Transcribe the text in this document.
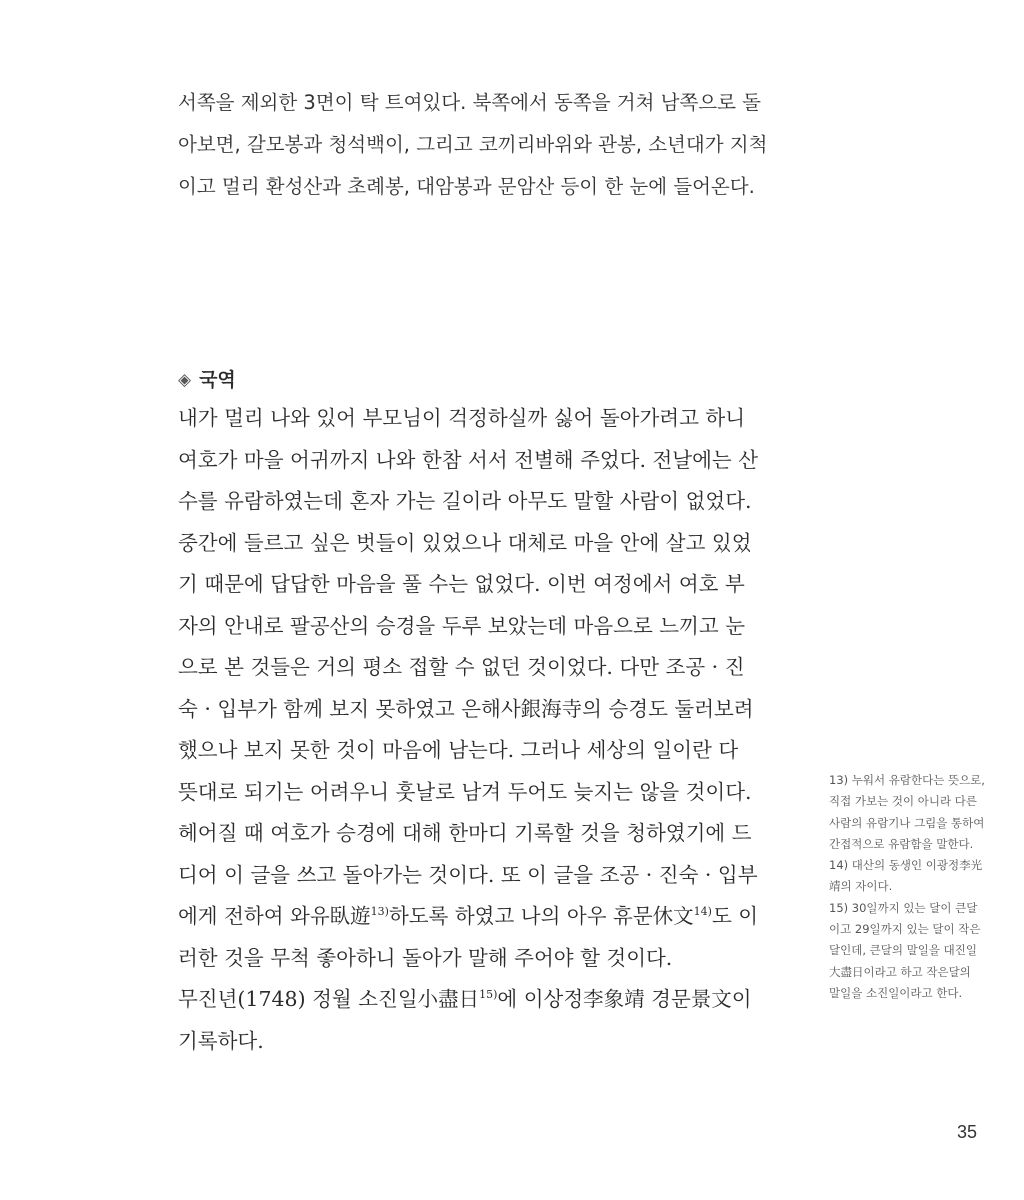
서쪽을 제외한 3면이 탁 트여있다. 북쪽에서 동쪽을 거쳐 남쪽으로 돌아보면, 갈모봉과 청석백이, 그리고 코끼리바위와 관봉, 소년대가 지척이고 멀리 환성산과 초례봉, 대암봉과 문암산 등이 한 눈에 들어온다.

◈ 국역

내가 멀리 나와 있어 부모님이 걱정하실까 싫어 돌아가려고 하니 여호가 마을 어귀까지 나와 한참 서서 전별해 주었다. 전날에는 산수를 유람하였는데 혼자 가는 길이라 아무도 말할 사람이 없었다. 중간에 들르고 싶은 벗들이 있었으나 대체로 마을 안에 살고 있었기 때문에 답답한 마음을 풀 수는 없었다. 이번 여정에서 여호 부자의 안내로 팔공산의 승경을 두루 보았는데 마음으로 느끼고 눈으로 본 것들은 거의 평소 접할 수 없던 것이었다. 다만 조공 · 진숙 · 입부가 함께 보지 못하였고 은해사銀海寺의 승경도 둘러보려 했으나 보지 못한 것이 마음에 남는다. 그러나 세상의 일이란 다 뜻대로 되기는 어려우니 훗날로 남겨 두어도 늦지는 않을 것이다.

헤어질 때 여호가 승경에 대해 한마디 기록할 것을 청하였기에 드디어 이 글을 쓰고 돌아가는 것이다. 또 이 글을 조공 · 진숙 · 입부에게 전하여 와유臥遊$^{13)}$하도록 하였고 나의 아우 휴문休文$^{14)}$도 이러한 것을 무척 좋아하니 돌아가 말해 주어야 할 것이다.

무진년(1748) 정월 소진일小盡日$^{15)}$에 이상정李象靖 경문景文이 기록하다.

13) 누워서 유람한다는 뜻으로, 직접 가보는 것이 아니라 다른 사람의 유람기나 그림을 통하여 간접적으로 유람함을 말한다.

14) 대산의 동생인 이광정李光靖의 자이다.

15) 30일까지 있는 달이 큰달이고 29일까지 있는 달이 작은달인데, 큰달의 말일을 대진일大盡日이라고 하고 작은달의 말일을 소진일이라고 한다.

35
